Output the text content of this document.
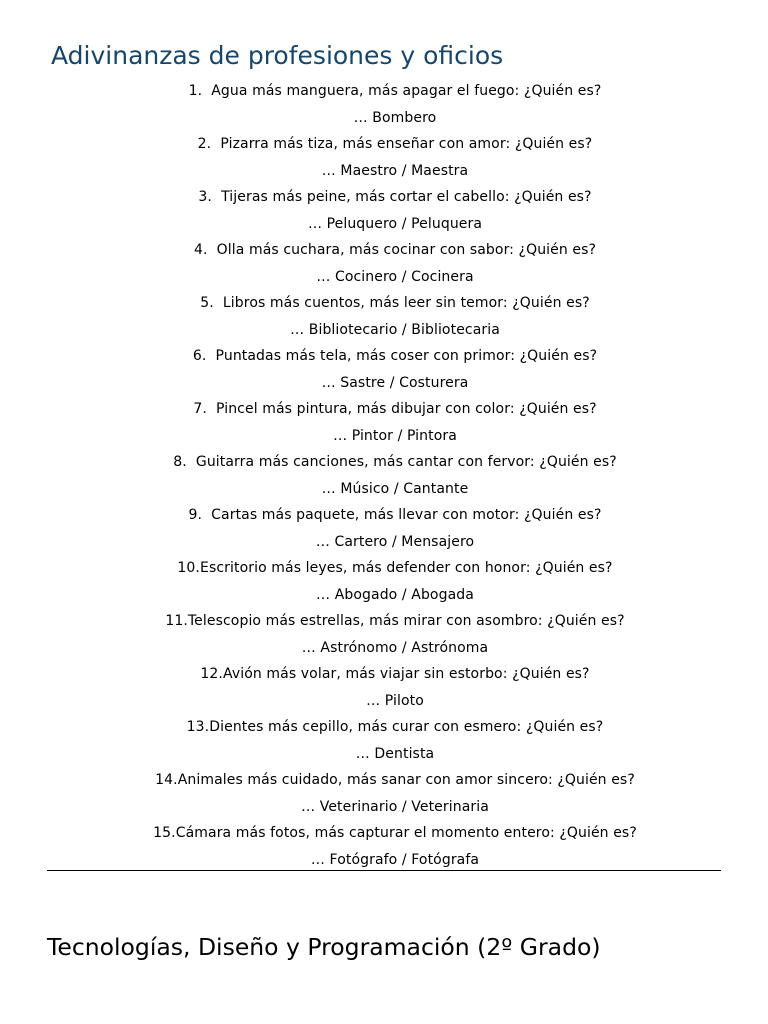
Adivinanzas de profesiones y oficios
1. Agua más manguera, más apagar el fuego: ¿Quién es?
… Bombero
2. Pizarra más tiza, más enseñar con amor: ¿Quién es?
… Maestro / Maestra
3. Tijeras más peine, más cortar el cabello: ¿Quién es?
… Peluquero / Peluquera
4. Olla más cuchara, más cocinar con sabor: ¿Quién es?
… Cocinero / Cocinera
5. Libros más cuentos, más leer sin temor: ¿Quién es?
… Bibliotecario / Bibliotecaria
6. Puntadas más tela, más coser con primor: ¿Quién es?
… Sastre / Costurera
7. Pincel más pintura, más dibujar con color: ¿Quién es?
… Pintor / Pintora
8. Guitarra más canciones, más cantar con fervor: ¿Quién es?
… Músico / Cantante
9. Cartas más paquete, más llevar con motor: ¿Quién es?
… Cartero / Mensajero
10.Escritorio más leyes, más defender con honor: ¿Quién es?
… Abogado / Abogada
11.Telescopio más estrellas, más mirar con asombro: ¿Quién es?
… Astrónomo / Astrónoma
12.Avión más volar, más viajar sin estorbo: ¿Quién es?
… Piloto
13.Dientes más cepillo, más curar con esmero: ¿Quién es?
… Dentista
14.Animales más cuidado, más sanar con amor sincero: ¿Quién es?
… Veterinario / Veterinaria
15.Cámara más fotos, más capturar el momento entero: ¿Quién es?
… Fotógrafo / Fotógrafa
Tecnologías, Diseño y Programación (2º Grado)
